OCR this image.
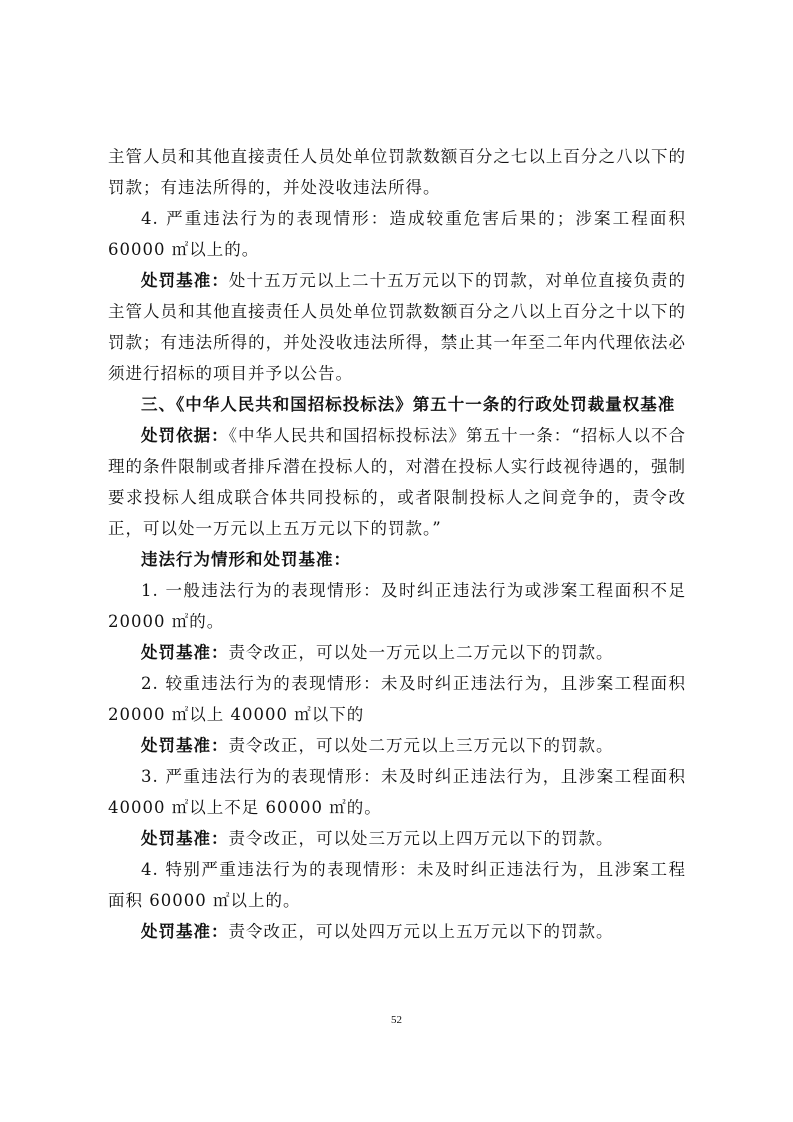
主管人员和其他直接责任人员处单位罚款数额百分之七以上百分之八以下的罚款；有违法所得的，并处没收违法所得。

4. 严重违法行为的表现情形：造成较重危害后果的；涉案工程面积60000 ㎡以上的。

处罚基准：处十五万元以上二十五万元以下的罚款，对单位直接负责的主管人员和其他直接责任人员处单位罚款数额百分之八以上百分之十以下的罚款；有违法所得的，并处没收违法所得，禁止其一年至二年内代理依法必须进行招标的项目并予以公告。

三、《中华人民共和国招标投标法》第五十一条的行政处罚裁量权基准

处罚依据：《中华人民共和国招标投标法》第五十一条：“招标人以不合理的条件限制或者排斥潜在投标人的，对潜在投标人实行歧视待遇的，强制要求投标人组成联合体共同投标的，或者限制投标人之间竞争的，责令改正，可以处一万元以上五万元以下的罚款。”

违法行为情形和处罚基准：

1. 一般违法行为的表现情形：及时纠正违法行为或涉案工程面积不足 20000 ㎡的。

处罚基准：责令改正，可以处一万元以上二万元以下的罚款。

2. 较重违法行为的表现情形：未及时纠正违法行为，且涉案工程面积 20000 ㎡以上 40000 ㎡以下的

处罚基准：责令改正，可以处二万元以上三万元以下的罚款。

3. 严重违法行为的表现情形：未及时纠正违法行为，且涉案工程面积 40000 ㎡以上不足 60000 ㎡的。

处罚基准：责令改正，可以处三万元以上四万元以下的罚款。

4. 特别严重违法行为的表现情形：未及时纠正违法行为，且涉案工程面积 60000 ㎡以上的。

处罚基准：责令改正，可以处四万元以上五万元以下的罚款。

52
